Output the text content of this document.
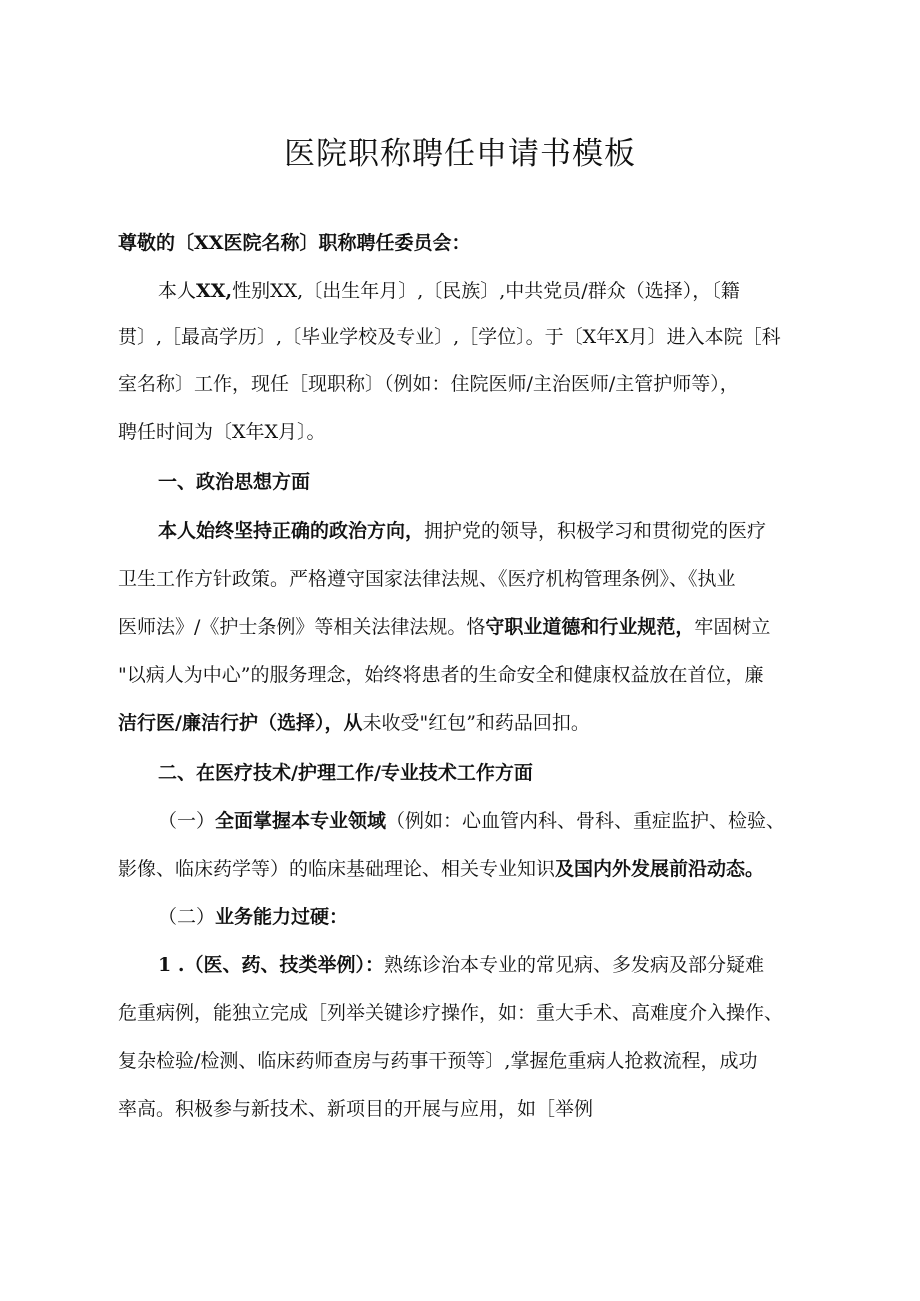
医院职称聘任申请书模板
尊敬的〔XX医院名称〕职称聘任委员会：
本人XX,性别XX,〔出生年月〕,〔民族〕,中共党员/群众（选择），〔籍
贯〕,［最高学历〕,〔毕业学校及专业〕,［学位〕。于〔X年X月〕进入本院［科
室名称〕工作，现任［现职称〕（例如：住院医师/主治医师/主管护师等），
聘任时间为〔X年X月〕。
一、政治思想方面
本人始终坚持正确的政治方向，拥护党的领导，积极学习和贯彻党的医疗
卫生工作方针政策。严格遵守国家法律法规、《医疗机构管理条例》、《执业
医师法》/《护士条例》等相关法律法规。恪守职业道德和行业规范，牢固树立
"以病人为中心”的服务理念，始终将患者的生命安全和健康权益放在首位，廉
洁行医/廉洁行护（选择），从未收受"红包”和药品回扣。
二、在医疗技术/护理工作/专业技术工作方面
（一）全面掌握本专业领域（例如：心血管内科、骨科、重症监护、检验、
影像、临床药学等）的临床基础理论、相关专业知识及国内外发展前沿动态。
（二）业务能力过硬：
1 .（医、药、技类举例）：熟练诊治本专业的常见病、多发病及部分疑难
危重病例，能独立完成［列举关键诊疗操作，如：重大手术、高难度介入操作、
复杂检验/检测、临床药师查房与药事干预等〕,掌握危重病人抢救流程，成功
率高。积极参与新技术、新项目的开展与应用，如［举例
